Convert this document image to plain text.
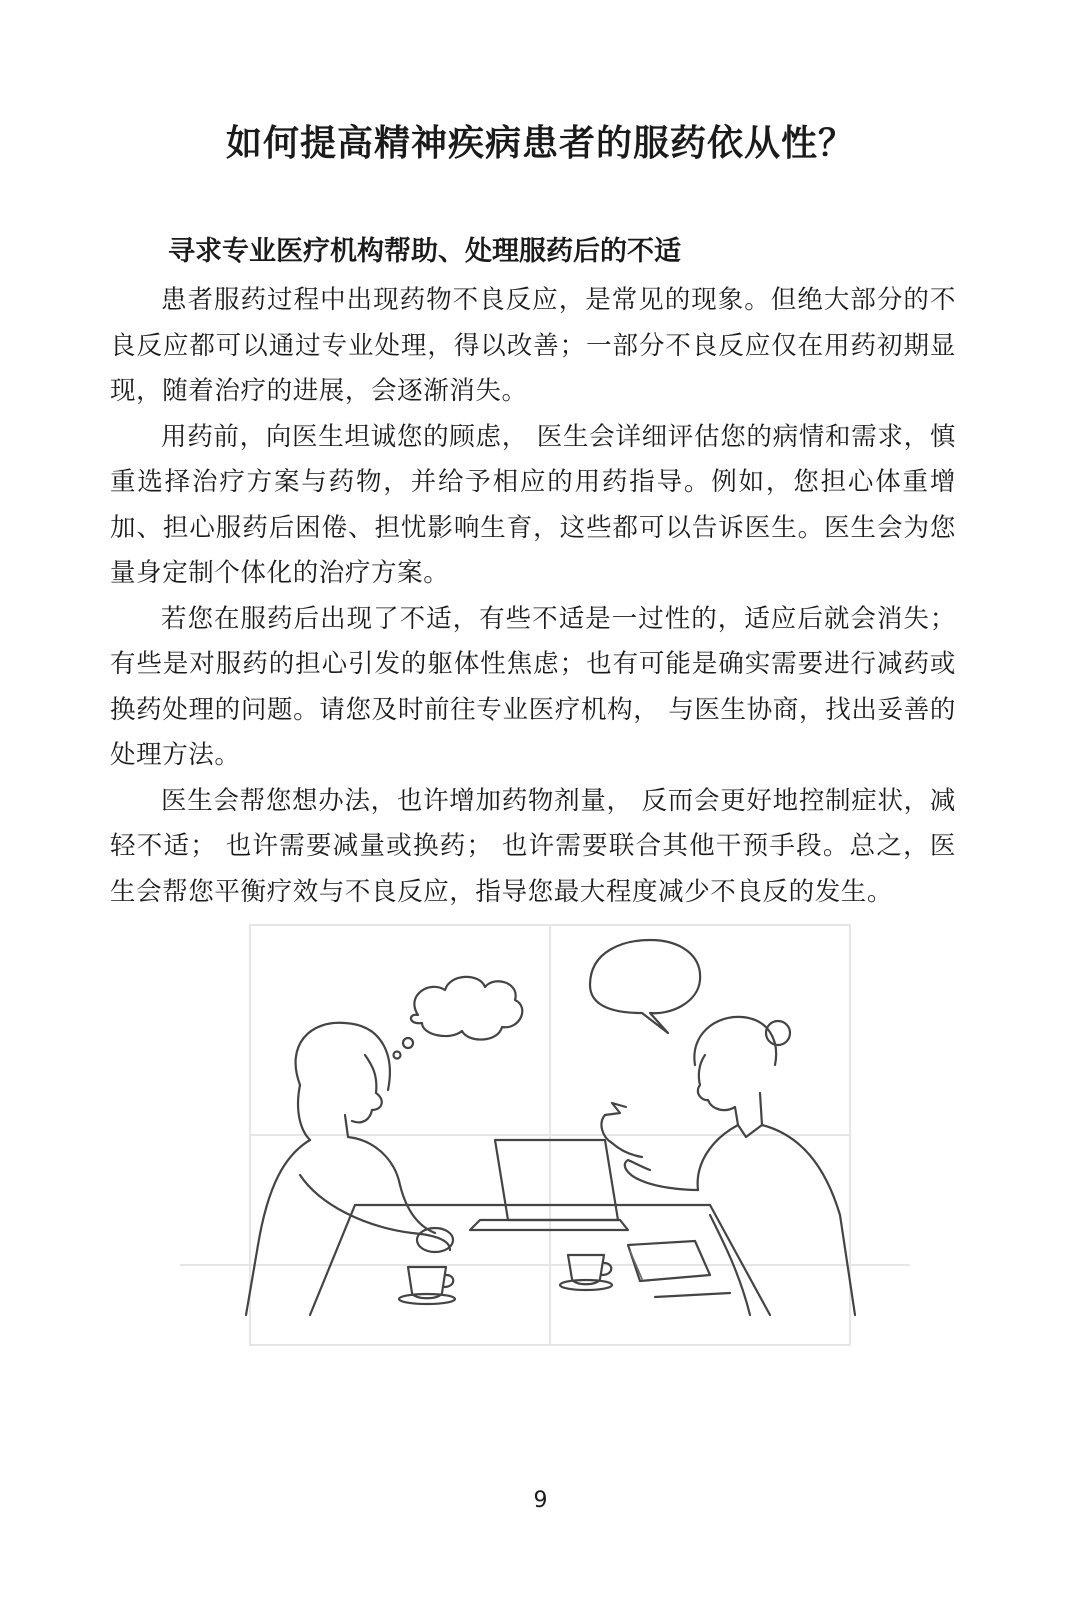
如何提高精神疾病患者的服药依从性？
寻求专业医疗机构帮助、处理服药后的不适

患者服药过程中出现药物不良反应，是常见的现象。但绝大部分的不良反应都可以通过专业处理，得以改善；一部分不良反应仅在用药初期显现，随着治疗的进展，会逐渐消失。

用药前，向医生坦诚您的顾虑， 医生会详细评估您的病情和需求，慎重选择治疗方案与药物，并给予相应的用药指导。例如，您担心体重增加、担心服药后困倦、担忧影响生育，这些都可以告诉医生。医生会为您量身定制个体化的治疗方案。

若您在服药后出现了不适，有些不适是一过性的，适应后就会消失；有些是对服药的担心引发的躯体性焦虑；也有可能是确实需要进行减药或换药处理的问题。请您及时前往专业医疗机构， 与医生协商，找出妥善的处理方法。

医生会帮您想办法，也许增加药物剂量， 反而会更好地控制症状，减轻不适； 也许需要减量或换药； 也许需要联合其他干预手段。总之，医生会帮您平衡疗效与不良反应，指导您最大程度减少不良反的发生。

9
